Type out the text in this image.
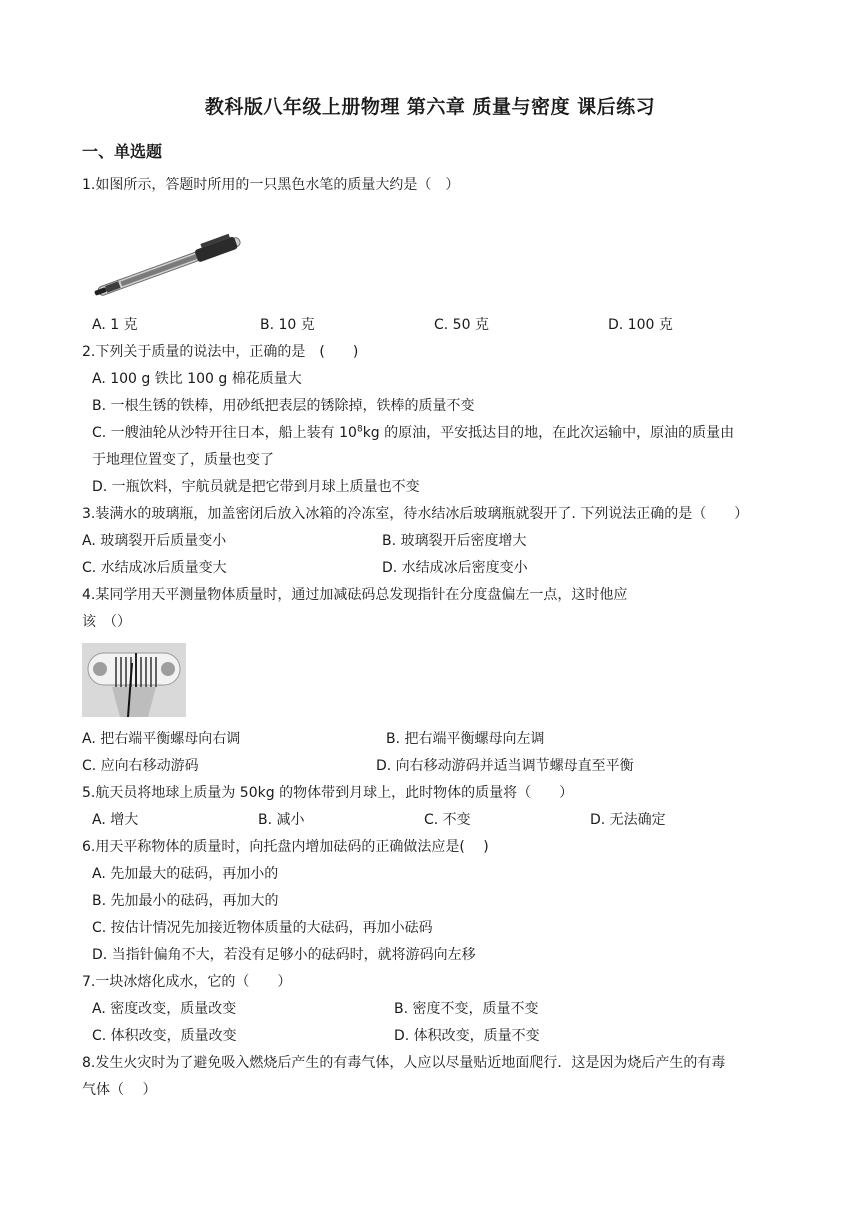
教科版八年级上册物理 第六章 质量与密度 课后练习
一、单选题
1.如图所示，答题时所用的一只黑色水笔的质量大约是（　）
A. 1 克	B. 10 克	C. 50 克	D. 100 克
2.下列关于质量的说法中，正确的是　(　　)
A. 100 g 铁比 100 g 棉花质量大
B. 一根生锈的铁棒，用砂纸把表层的锈除掉，铁棒的质量不变
C. 一艘油轮从沙特开往日本，船上装有 $10^8kg$ 的原油，平安抵达目的地，在此次运输中，原油的质量由
于地理位置变了，质量也变了
D. 一瓶饮料，宇航员就是把它带到月球上质量也不变
3.装满水的玻璃瓶，加盖密闭后放入冰箱的冷冻室，待水结冰后玻璃瓶就裂开了. 下列说法正确的是（　　）
A. 玻璃裂开后质量变小	B. 玻璃裂开后密度增大
C. 水结成冰后质量变大	D. 水结成冰后密度变小
4.某同学用天平测量物体质量时，通过加减砝码总发现指针在分度盘偏左一点，这时他应
该　（）
A. 把右端平衡螺母向右调	B. 把右端平衡螺母向左调
C. 应向右移动游码	D. 向右移动游码并适当调节螺母直至平衡
5.航天员将地球上质量为 50kg 的物体带到月球上，此时物体的质量将（　　）
A. 增大	B. 减小	C. 不变	D. 无法确定
6.用天平称物体的质量时，向托盘内增加砝码的正确做法应是(　 )
A. 先加最大的砝码，再加小的
B. 先加最小的砝码，再加大的
C. 按估计情况先加接近物体质量的大砝码，再加小砝码
D. 当指针偏角不大，若没有足够小的砝码时，就将游码向左移
7.一块冰熔化成水，它的（　　）
A. 密度改变，质量改变	B. 密度不变，质量不变
C. 体积改变，质量改变	D. 体积改变，质量不变
8.发生火灾时为了避免吸入燃烧后产生的有毒气体，人应以尽量贴近地面爬行．这是因为烧后产生的有毒
气体（　 ）
